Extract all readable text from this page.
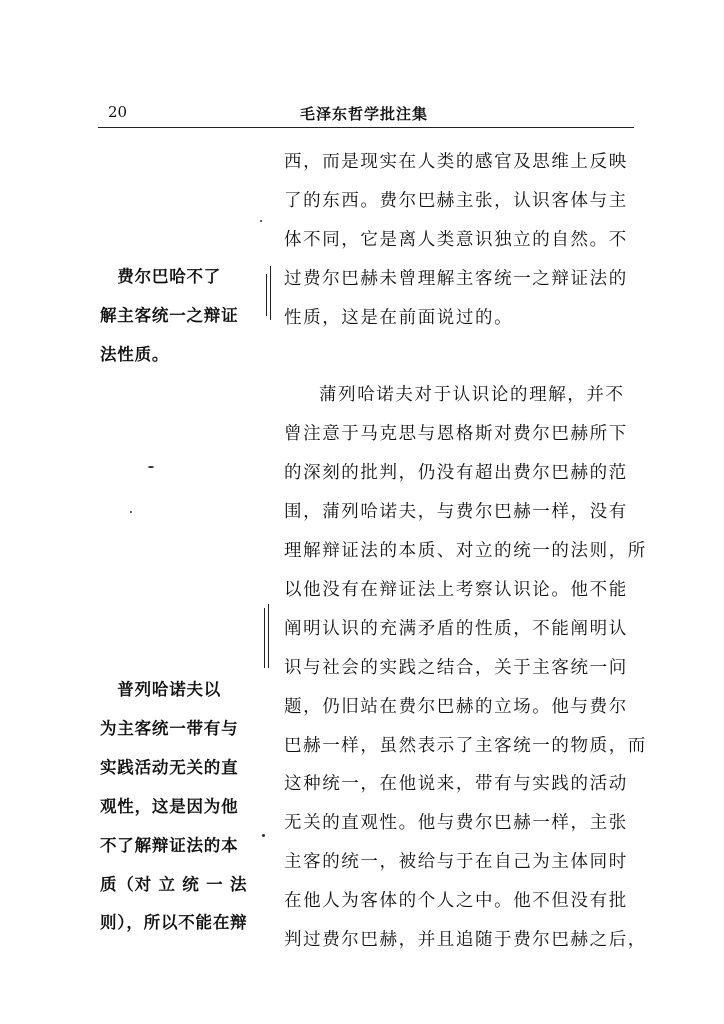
20	毛泽东哲学批注集

西，而是现实在人类的感官及思维上反映

了的东西。费尔巴赫主张，认识客体与主

体不同，它是离人类意识独立的自然。不

过费尔巴赫未曾理解主客统一之辩证法的

性质，这是在前面说过的。

蒲列哈诺夫对于认识论的理解，并不

曾注意于马克思与恩格斯对费尔巴赫所下

的深刻的批判，仍没有超出费尔巴赫的范

围，蒲列哈诺夫，与费尔巴赫一样，没有

理解辩证法的本质、对立的统一的法则，所

以他没有在辩证法上考察认识论。他不能

阐明认识的充满矛盾的性质，不能阐明认

识与社会的实践之结合，关于主客统一问

题，仍旧站在费尔巴赫的立场。他与费尔

巴赫一样，虽然表示了主客统一的物质，而

这种统一，在他说来，带有与实践的活动

无关的直观性。他与费尔巴赫一样，主张

主客的统一，被给与于在自己为主体同时

在他人为客体的个人之中。他不但没有批

判过费尔巴赫，并且追随于费尔巴赫之后，

　费尔巴哈不了

解主客统一之辩证

法性质。

　普列哈诺夫以

为主客统一带有与

实践活动无关的直

观性，这是因为他

不了解辩证法的本

质（对 立 统 一 法

则），所以不能在辩
